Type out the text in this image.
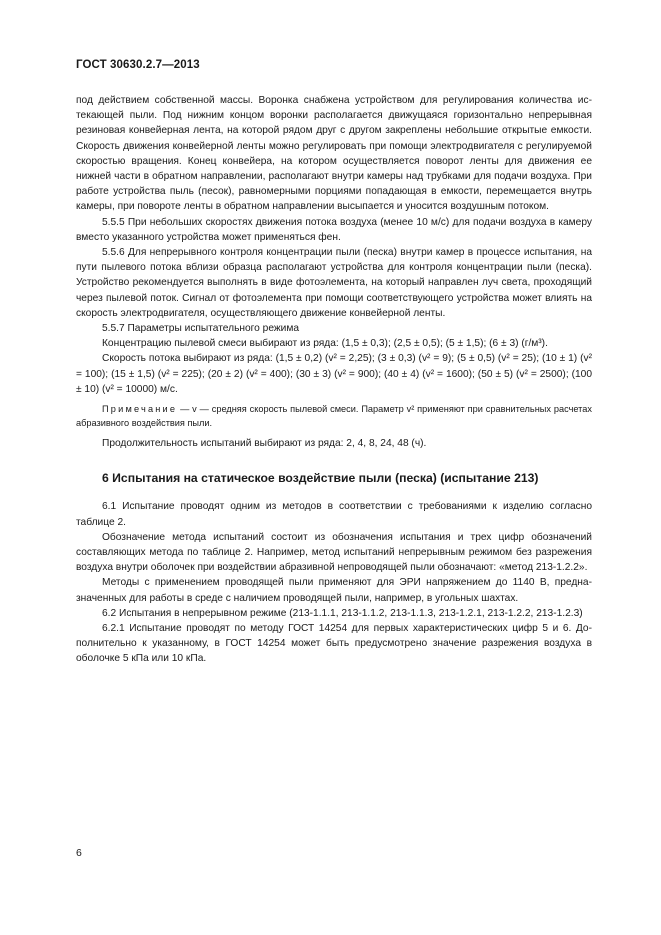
ГОСТ 30630.2.7—2013

под действием собственной массы. Воронка снабжена устройством для регулирования количества истекающей пыли. Под нижним концом воронки располагается движущаяся горизонтально непрерывная резиновая конвейерная лента, на которой рядом друг с другом закреплены небольшие открытые емкости. Скорость движения конвейерной ленты можно регулировать при помощи электродвигателя с регулируемой скоростью вращения. Конец конвейера, на котором осуществляется поворот ленты для движения ее нижней части в обратном направлении, располагают внутри камеры над трубками для подачи воздуха. При работе устройства пыль (песок), равномерными порциями попадающая в емкости, перемещается внутрь камеры, при повороте ленты в обратном направлении высыпается и уносится воздушным потоком.

5.5.5 При небольших скоростях движения потока воздуха (менее 10 м/с) для подачи воздуха в камеру вместо указанного устройства может применяться фен.

5.5.6 Для непрерывного контроля концентрации пыли (песка) внутри камер в процессе испытания, на пути пылевого потока вблизи образца располагают устройства для контроля концентрации пыли (песка). Устройство рекомендуется выполнять в виде фотоэлемента, на который направлен луч света, проходящий через пылевой поток. Сигнал от фотоэлемента при помощи соответствующего устройства может влиять на скорость электродвигателя, осуществляющего движение конвейерной ленты.

5.5.7 Параметры испытательного режима

Концентрацию пылевой смеси выбирают из ряда: (1,5 ± 0,3); (2,5 ± 0,5); (5 ± 1,5); (6 ± 3) (г/м³).

Скорость потока выбирают из ряда: (1,5 ± 0,2) (v² = 2,25); (3 ± 0,3) (v² = 9); (5 ± 0,5) (v² = 25); (10 ± 1) (v² = 100); (15 ± 1,5) (v² = 225); (20 ± 2) (v² = 400); (30 ± 3) (v² = 900); (40 ± 4) (v² = 1600); (50 ± 5) (v² = 2500); (100 ± 10) (v² = 10000) м/с.

Примечание — v — средняя скорость пылевой смеси. Параметр v² применяют при сравнительных расчетах абразивного воздействия пыли.

Продолжительность испытаний выбирают из ряда: 2, 4, 8, 24, 48 (ч).

6 Испытания на статическое воздействие пыли (песка) (испытание 213)

6.1 Испытание проводят одним из методов в соответствии с требованиями к изделию согласно таблице 2.

Обозначение метода испытаний состоит из обозначения испытания и трех цифр обозначений составляющих метода по таблице 2. Например, метод испытаний непрерывным режимом без разрежения воздуха внутри оболочек при воздействии абразивной непроводящей пыли обозначают: «метод 213-1.2.2».

Методы с применением проводящей пыли применяют для ЭРИ напряжением до 1140 В, предназначенных для работы в среде с наличием проводящей пыли, например, в угольных шахтах.

6.2 Испытания в непрерывном режиме (213-1.1.1, 213-1.1.2, 213-1.1.3, 213-1.2.1, 213-1.2.2, 213-1.2.3)

6.2.1 Испытание проводят по методу ГОСТ 14254 для первых характеристических цифр 5 и 6. Дополнительно к указанному, в ГОСТ 14254 может быть предусмотрено значение разрежения воздуха в оболочке 5 кПа или 10 кПа.

6
